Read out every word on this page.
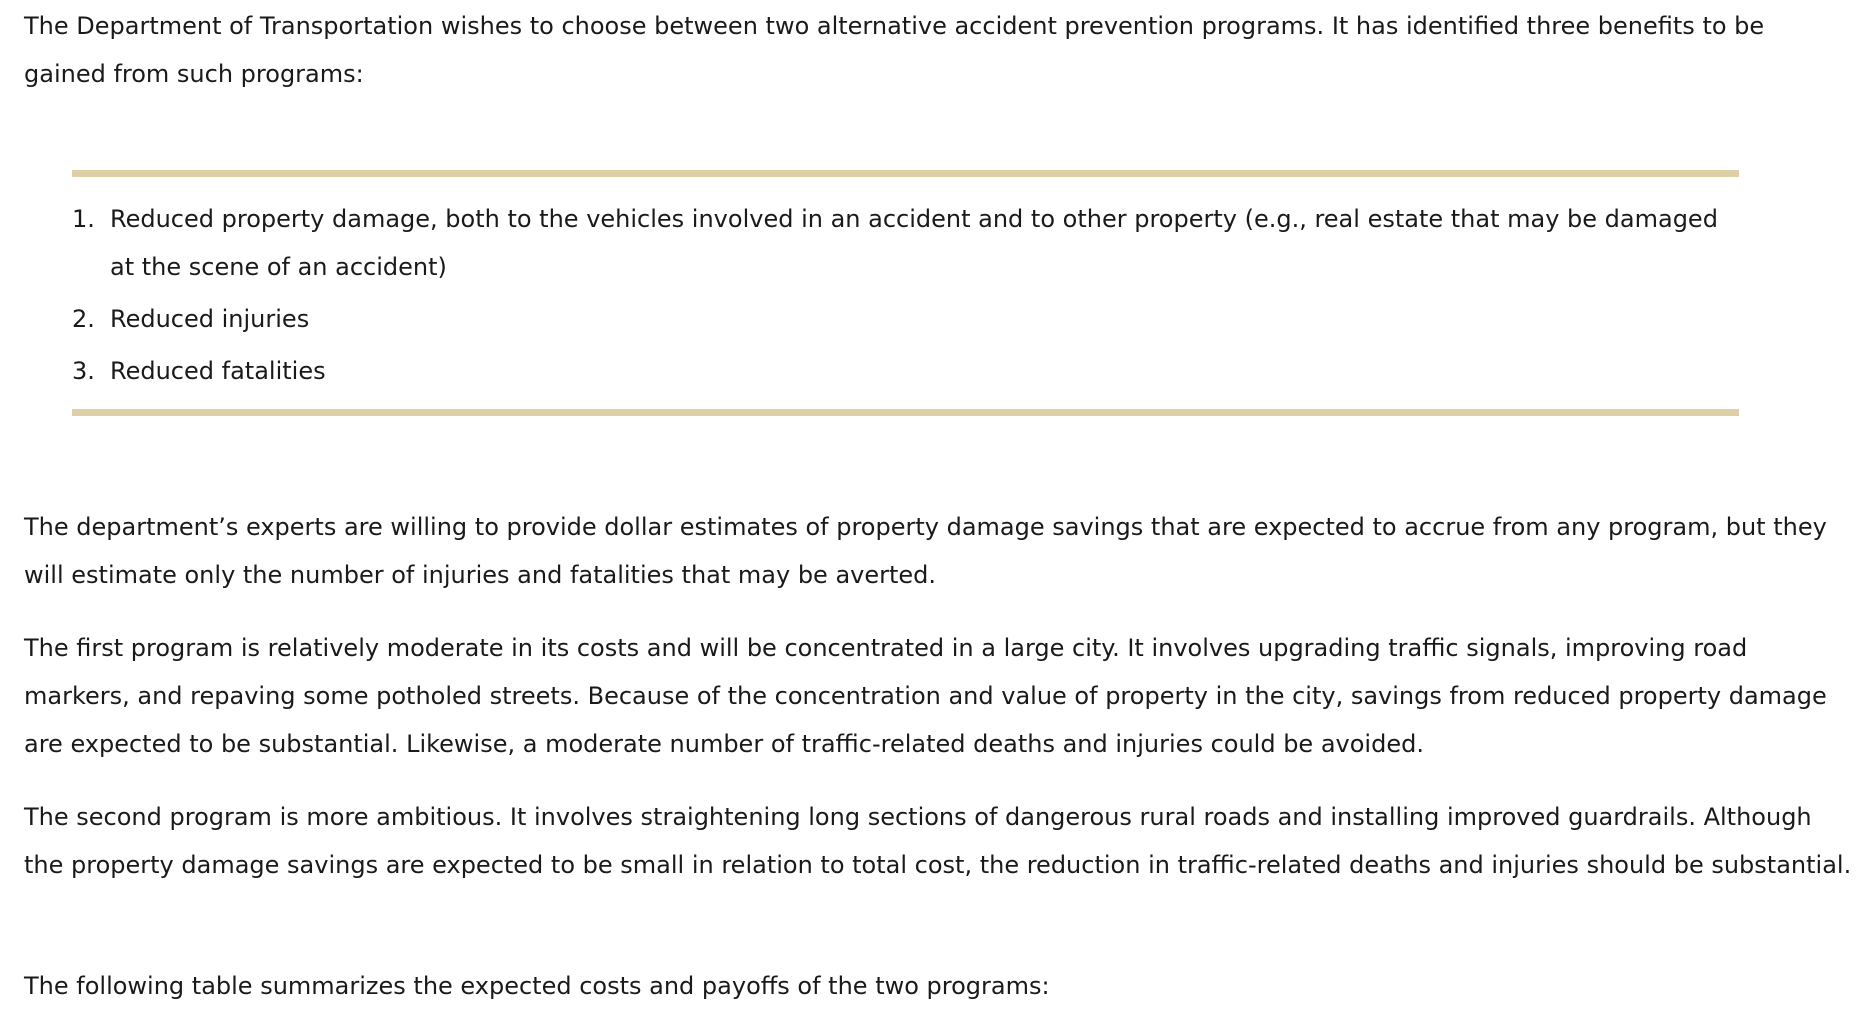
The Department of Transportation wishes to choose between two alternative accident prevention programs. It has identified three benefits to be gained from such programs:

1. Reduced property damage, both to the vehicles involved in an accident and to other property (e.g., real estate that may be damaged at the scene of an accident)
2. Reduced injuries
3. Reduced fatalities

The department’s experts are willing to provide dollar estimates of property damage savings that are expected to accrue from any program, but they will estimate only the number of injuries and fatalities that may be averted.

The first program is relatively moderate in its costs and will be concentrated in a large city. It involves upgrading traffic signals, improving road markers, and repaving some potholed streets. Because of the concentration and value of property in the city, savings from reduced property damage are expected to be substantial. Likewise, a moderate number of traffic-related deaths and injuries could be avoided.

The second program is more ambitious. It involves straightening long sections of dangerous rural roads and installing improved guardrails. Although the property damage savings are expected to be small in relation to total cost, the reduction in traffic-related deaths and injuries should be substantial.

The following table summarizes the expected costs and payoffs of the two programs:
